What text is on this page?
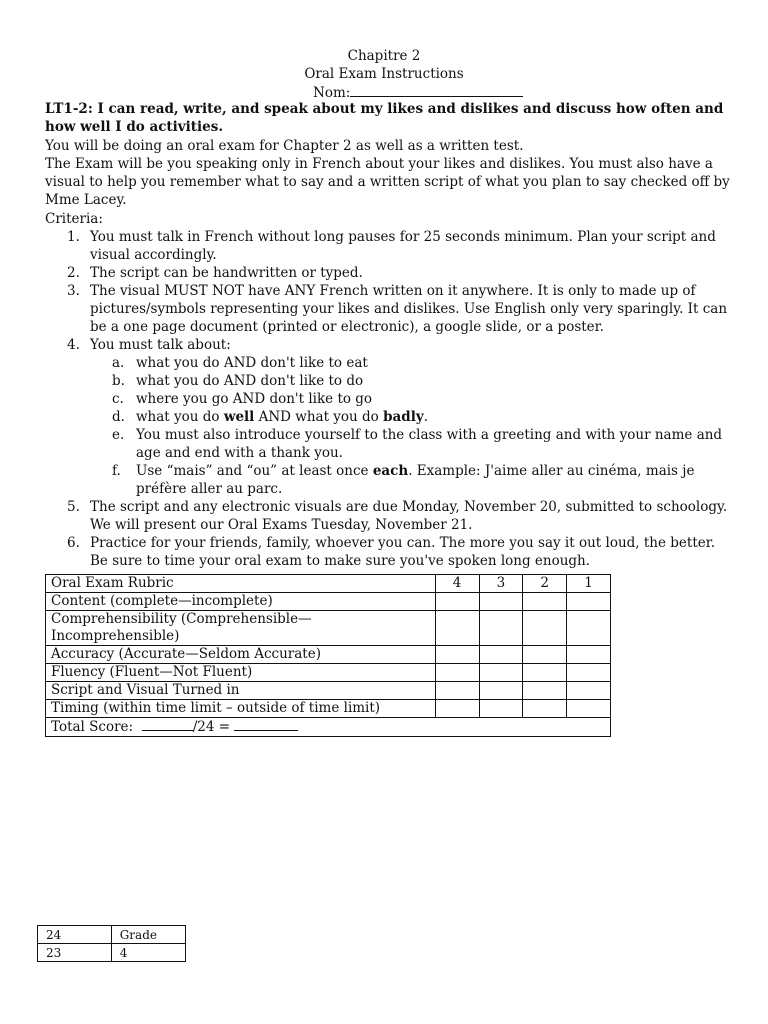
Chapitre 2
Oral Exam Instructions
Nom:
LT1-2: I can read, write, and speak about my likes and dislikes and discuss how often and how well I do activities.
You will be doing an oral exam for Chapter 2 as well as a written test.
The Exam will be you speaking only in French about your likes and dislikes. You must also have a visual to help you remember what to say and a written script of what you plan to say checked off by Mme Lacey.
Criteria:
1. You must talk in French without long pauses for 25 seconds minimum. Plan your script and visual accordingly.
2. The script can be handwritten or typed.
3. The visual MUST NOT have ANY French written on it anywhere. It is only to made up of pictures/symbols representing your likes and dislikes. Use English only very sparingly. It can be a one page document (printed or electronic), a google slide, or a poster.
4. You must talk about:
a. what you do AND don't like to eat
b. what you do AND don't like to do
c. where you go AND don't like to go
d. what you do well AND what you do badly.
e. You must also introduce yourself to the class with a greeting and with your name and age and end with a thank you.
f. Use “mais” and “ou” at least once each. Example: J'aime aller au cinéma, mais je préfère aller au parc.
5. The script and any electronic visuals are due Monday, November 20, submitted to schoology. We will present our Oral Exams Tuesday, November 21.
6. Practice for your friends, family, whoever you can. The more you say it out loud, the better. Be sure to time your oral exam to make sure you've spoken long enough.
Oral Exam Rubric	4	3	2	1
Content (complete—incomplete)				
Comprehensibility (Comprehensible—Incomprehensible)				
Accuracy (Accurate—Seldom Accurate)				
Fluency (Fluent—Not Fluent)				
Script and Visual Turned in				
Timing (within time limit – outside of time limit)				
Total Score: /24 =				
24	Grade
23	4
